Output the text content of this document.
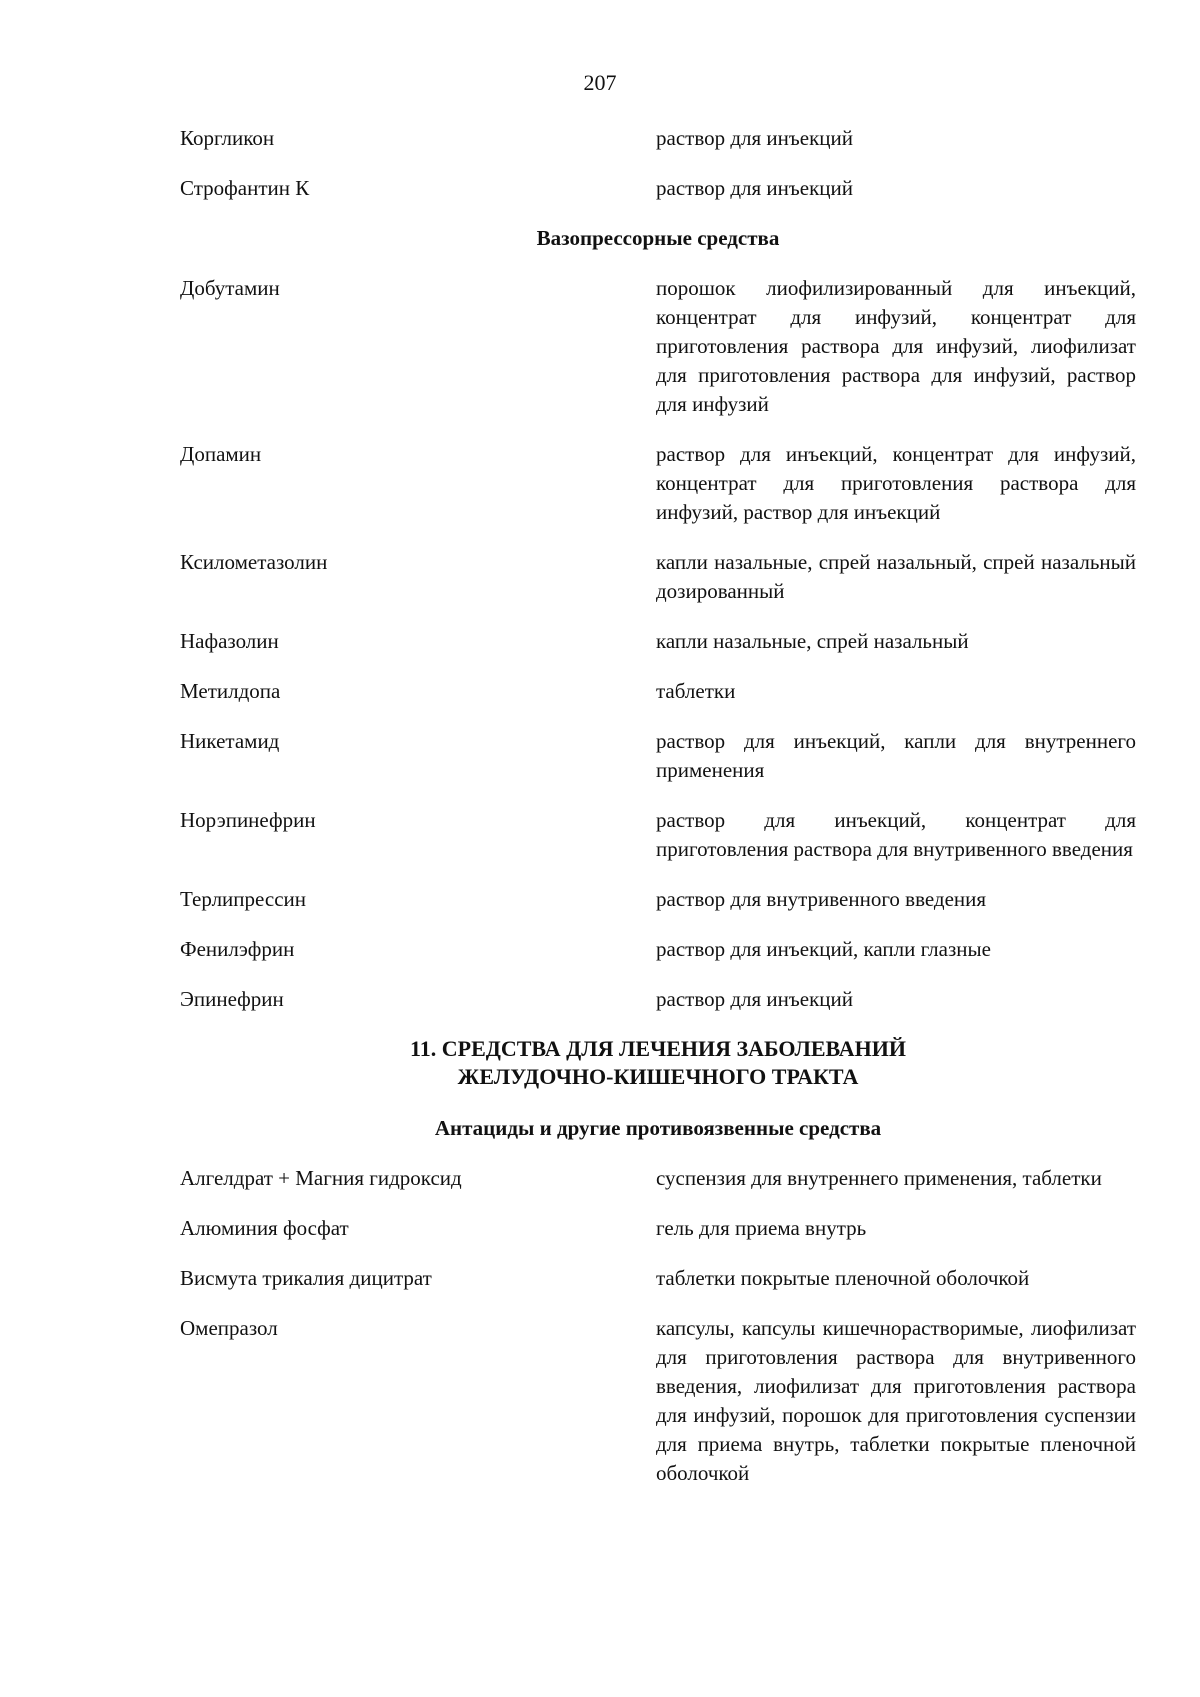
207
Коргликон	раствор для инъекций
Строфантин К	раствор для инъекций
Вазопрессорные средства
Добутамин	порошок лиофилизированный для инъекций, концентрат для инфузий, концентрат для приготовления раствора для инфузий, лиофилизат для приготовления раствора для инфузий, раствор для инфузий
Допамин	раствор для инъекций, концентрат для инфузий, концентрат для приготовления раствора для инфузий, раствор для инъекций
Ксилометазолин	капли назальные, спрей назальный, спрей назальный дозированный
Нафазолин	капли назальные, спрей назальный
Метилдопа	таблетки
Никетамид	раствор для инъекций, капли для внутреннего применения
Норэпинефрин	раствор для инъекций, концентрат для приготовления раствора для внутривенного введения
Терлипрессин	раствор для внутривенного введения
Фенилэфрин	раствор для инъекций, капли глазные
Эпинефрин	раствор для инъекций
11. СРЕДСТВА ДЛЯ ЛЕЧЕНИЯ ЗАБОЛЕВАНИЙ
ЖЕЛУДОЧНО-КИШЕЧНОГО ТРАКТА
Антациды и другие противоязвенные средства
Алгелдрат + Магния гидроксид	суспензия для внутреннего применения, таблетки
Алюминия фосфат	гель для приема внутрь
Висмута трикалия дицитрат	таблетки покрытые пленочной оболочкой
Омепразол	капсулы, капсулы кишечнорастворимые, лиофилизат для приготовления раствора для внутривенного введения, лиофилизат для приготовления раствора для инфузий, порошок для приготовления суспензии для приема внутрь, таблетки покрытые пленочной оболочкой
